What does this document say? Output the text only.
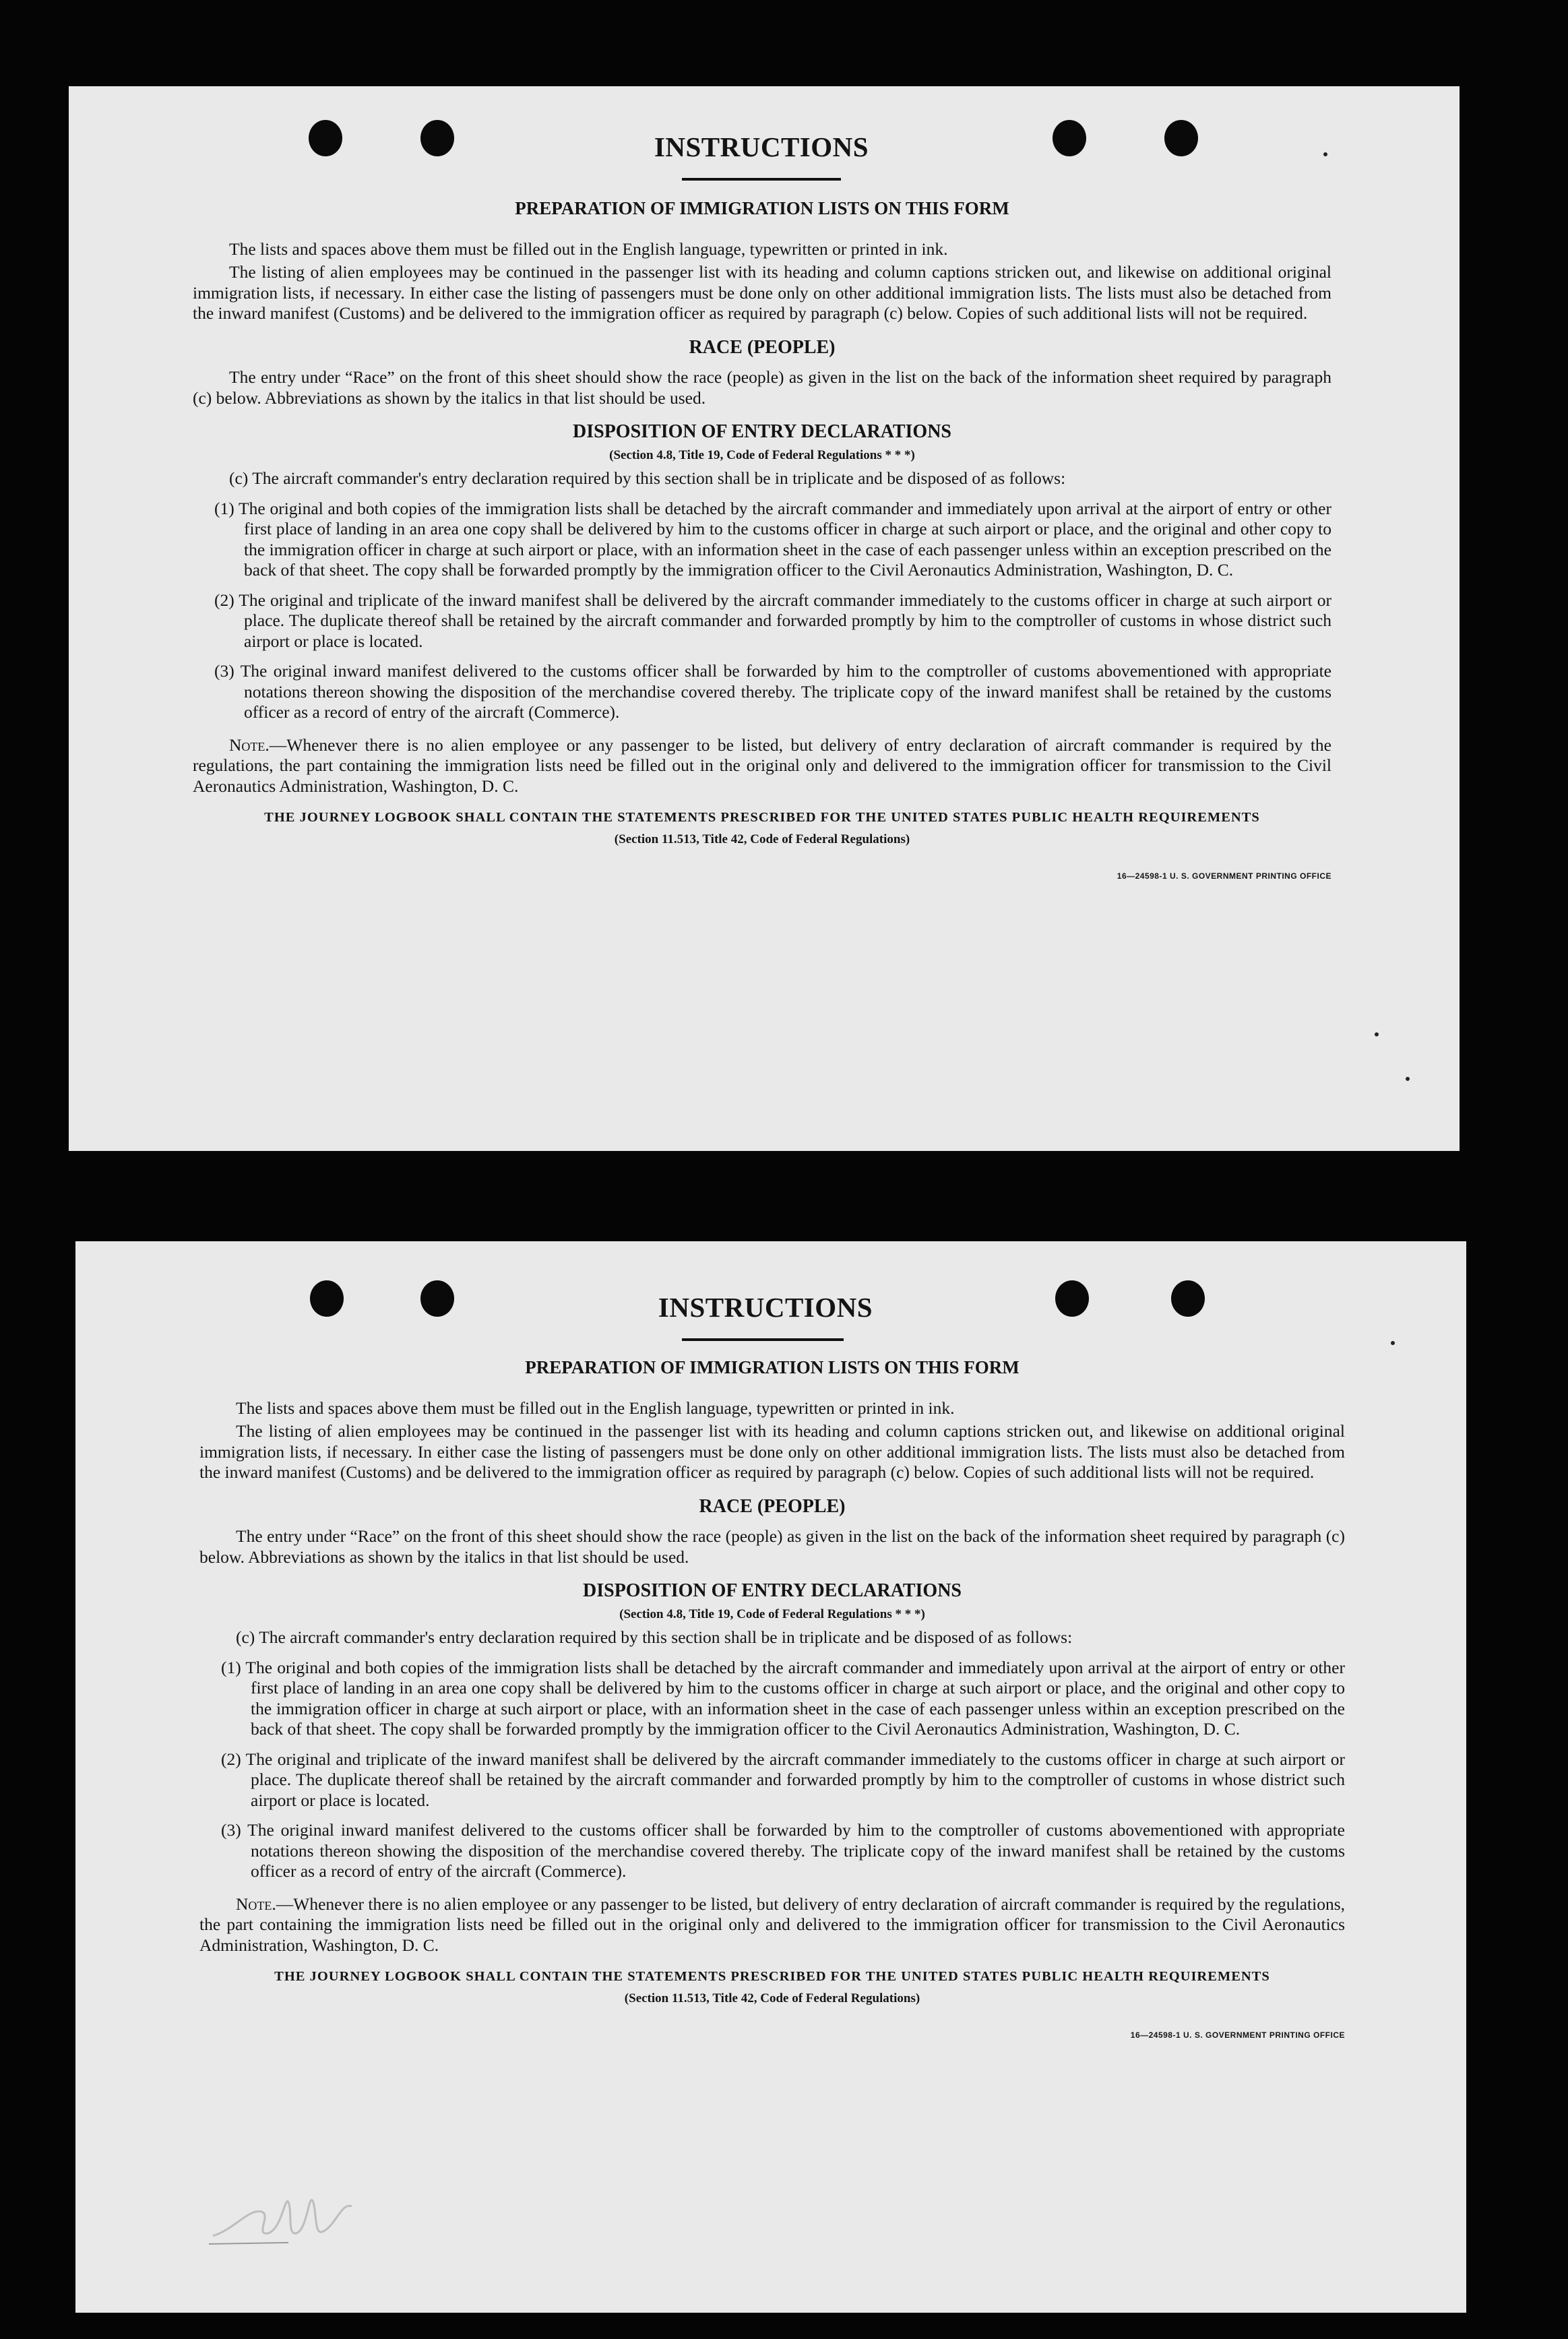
INSTRUCTIONS

PREPARATION OF IMMIGRATION LISTS ON THIS FORM

The lists and spaces above them must be filled out in the English language, typewritten or printed in ink.

The listing of alien employees may be continued in the passenger list with its heading and column captions stricken out, and likewise on additional original immigration lists, if necessary. In either case the listing of passengers must be done only on other additional immigration lists. The lists must also be detached from the inward manifest (Customs) and be delivered to the immigration officer as required by paragraph (c) below. Copies of such additional lists will not be required.

RACE (PEOPLE)

The entry under “Race” on the front of this sheet should show the race (people) as given in the list on the back of the information sheet required by paragraph (c) below. Abbreviations as shown by the italics in that list should be used.

DISPOSITION OF ENTRY DECLARATIONS

(Section 4.8, Title 19, Code of Federal Regulations * * *)

(c) The aircraft commander's entry declaration required by this section shall be in triplicate and be disposed of as follows:

(1) The original and both copies of the immigration lists shall be detached by the aircraft commander and immediately upon arrival at the airport of entry or other first place of landing in an area one copy shall be delivered by him to the customs officer in charge at such airport or place, and the original and other copy to the immigration officer in charge at such airport or place, with an information sheet in the case of each passenger unless within an exception prescribed on the back of that sheet. The copy shall be forwarded promptly by the immigration officer to the Civil Aeronautics Administration, Washington, D. C.

(2) The original and triplicate of the inward manifest shall be delivered by the aircraft commander immediately to the customs officer in charge at such airport or place. The duplicate thereof shall be retained by the aircraft commander and forwarded promptly by him to the comptroller of customs in whose district such airport or place is located.

(3) The original inward manifest delivered to the customs officer shall be forwarded by him to the comptroller of customs abovementioned with appropriate notations thereon showing the disposition of the merchandise covered thereby. The triplicate copy of the inward manifest shall be retained by the customs officer as a record of entry of the aircraft (Commerce).

Note.—Whenever there is no alien employee or any passenger to be listed, but delivery of entry declaration of aircraft commander is required by the regulations, the part containing the immigration lists need be filled out in the original only and delivered to the immigration officer for transmission to the Civil Aeronautics Administration, Washington, D. C.

THE JOURNEY LOGBOOK SHALL CONTAIN THE STATEMENTS PRESCRIBED FOR THE UNITED STATES PUBLIC HEALTH REQUIREMENTS

(Section 11.513, Title 42, Code of Federal Regulations)

16—24598-1 U. S. GOVERNMENT PRINTING OFFICE

INSTRUCTIONS

PREPARATION OF IMMIGRATION LISTS ON THIS FORM

The lists and spaces above them must be filled out in the English language, typewritten or printed in ink.

The listing of alien employees may be continued in the passenger list with its heading and column captions stricken out, and likewise on additional original immigration lists, if necessary. In either case the listing of passengers must be done only on other additional immigration lists. The lists must also be detached from the inward manifest (Customs) and be delivered to the immigration officer as required by paragraph (c) below. Copies of such additional lists will not be required.

RACE (PEOPLE)

The entry under “Race” on the front of this sheet should show the race (people) as given in the list on the back of the information sheet required by paragraph (c) below. Abbreviations as shown by the italics in that list should be used.

DISPOSITION OF ENTRY DECLARATIONS

(Section 4.8, Title 19, Code of Federal Regulations * * *)

(c) The aircraft commander's entry declaration required by this section shall be in triplicate and be disposed of as follows:

(1) The original and both copies of the immigration lists shall be detached by the aircraft commander and immediately upon arrival at the airport of entry or other first place of landing in an area one copy shall be delivered by him to the customs officer in charge at such airport or place, and the original and other copy to the immigration officer in charge at such airport or place, with an information sheet in the case of each passenger unless within an exception prescribed on the back of that sheet. The copy shall be forwarded promptly by the immigration officer to the Civil Aeronautics Administration, Washington, D. C.

(2) The original and triplicate of the inward manifest shall be delivered by the aircraft commander immediately to the customs officer in charge at such airport or place. The duplicate thereof shall be retained by the aircraft commander and forwarded promptly by him to the comptroller of customs in whose district such airport or place is located.

(3) The original inward manifest delivered to the customs officer shall be forwarded by him to the comptroller of customs abovementioned with appropriate notations thereon showing the disposition of the merchandise covered thereby. The triplicate copy of the inward manifest shall be retained by the customs officer as a record of entry of the aircraft (Commerce).

Note.—Whenever there is no alien employee or any passenger to be listed, but delivery of entry declaration of aircraft commander is required by the regulations, the part containing the immigration lists need be filled out in the original only and delivered to the immigration officer for transmission to the Civil Aeronautics Administration, Washington, D. C.

THE JOURNEY LOGBOOK SHALL CONTAIN THE STATEMENTS PRESCRIBED FOR THE UNITED STATES PUBLIC HEALTH REQUIREMENTS

(Section 11.513, Title 42, Code of Federal Regulations)

16—24598-1 U. S. GOVERNMENT PRINTING OFFICE
